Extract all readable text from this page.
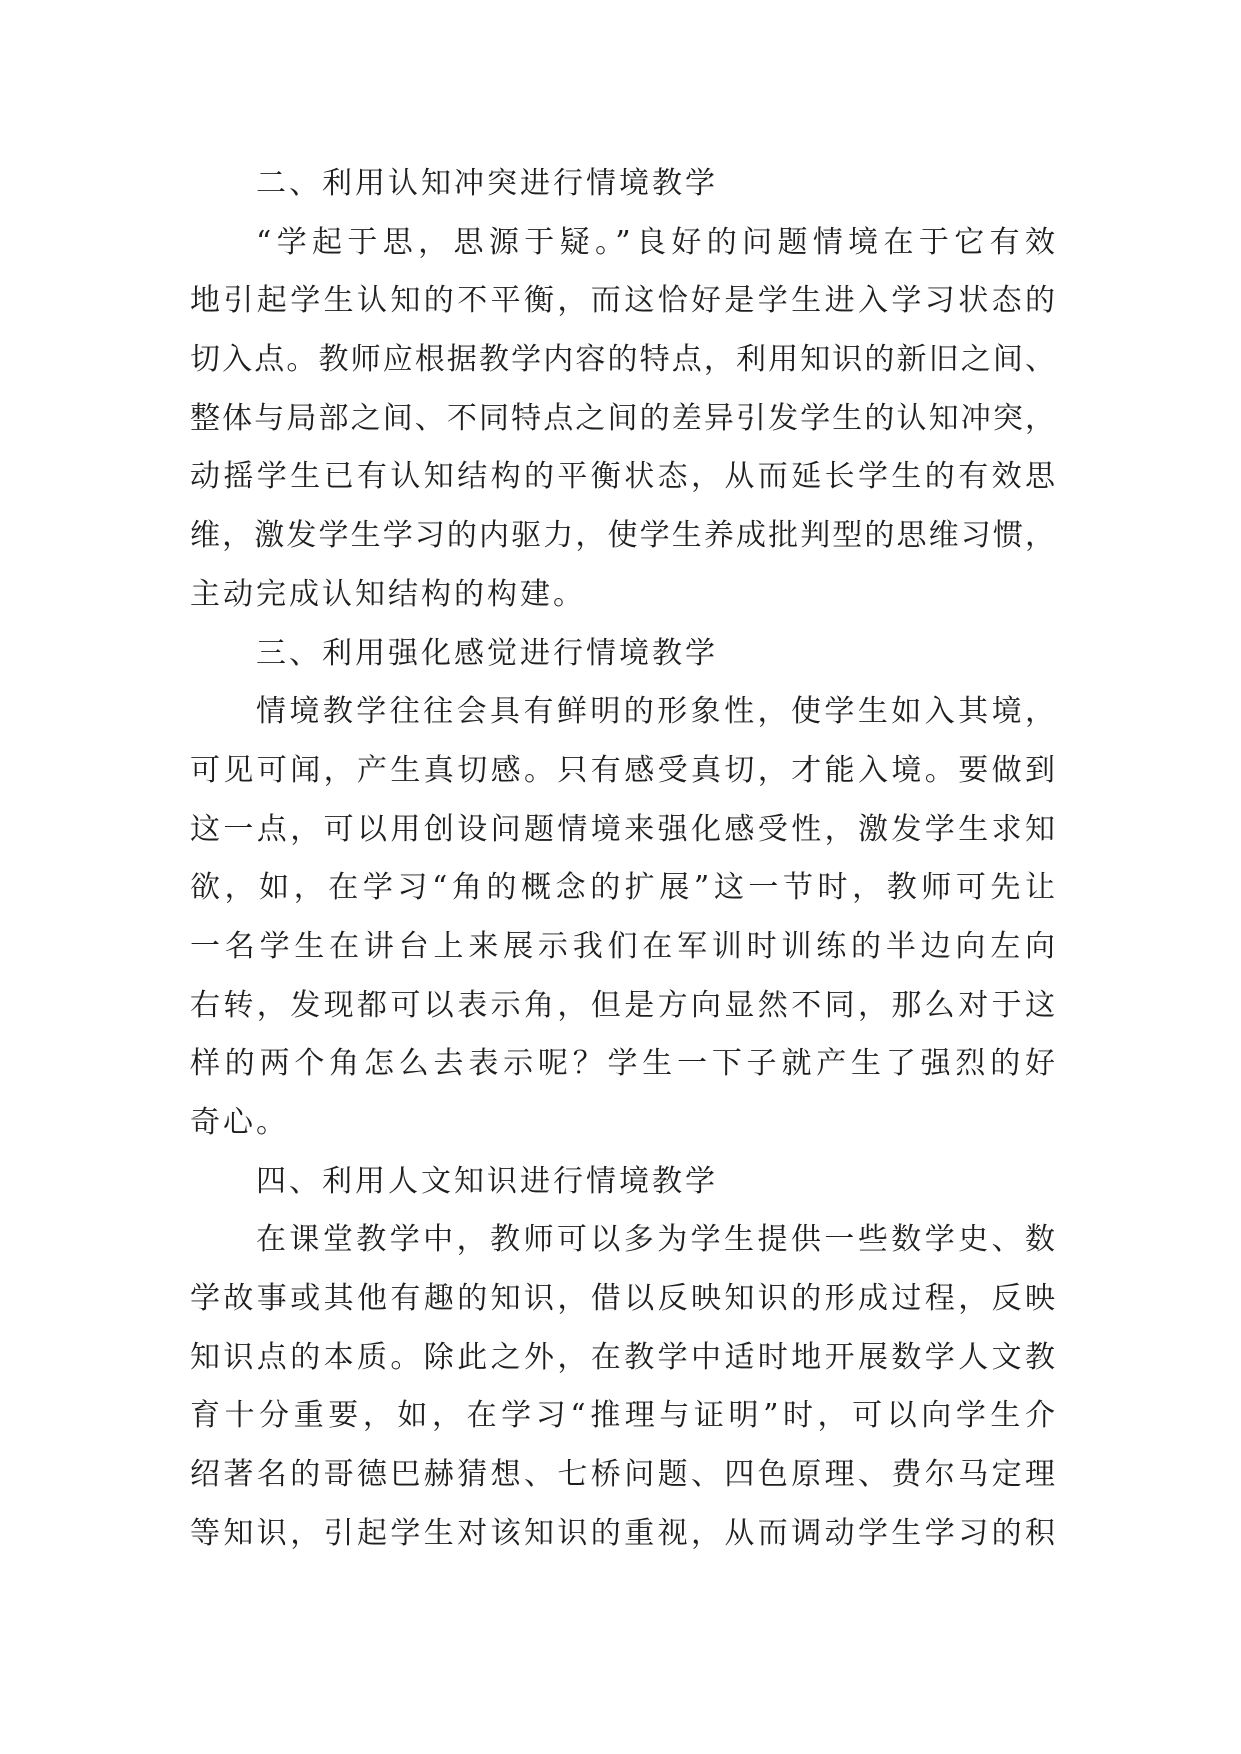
二、利用认知冲突进行情境教学
“学起于思，思源于疑。”良好的问题情境在于它有效
地引起学生认知的不平衡，而这恰好是学生进入学习状态的
切入点。教师应根据教学内容的特点，利用知识的新旧之间、
整体与局部之间、不同特点之间的差异引发学生的认知冲突，
动摇学生已有认知结构的平衡状态，从而延长学生的有效思
维，激发学生学习的内驱力，使学生养成批判型的思维习惯，
主动完成认知结构的构建。
三、利用强化感觉进行情境教学
情境教学往往会具有鲜明的形象性，使学生如入其境，
可见可闻，产生真切感。只有感受真切，才能入境。要做到
这一点，可以用创设问题情境来强化感受性，激发学生求知
欲，如，在学习“角的概念的扩展”这一节时，教师可先让
一名学生在讲台上来展示我们在军训时训练的半边向左向
右转，发现都可以表示角，但是方向显然不同，那么对于这
样的两个角怎么去表示呢？学生一下子就产生了强烈的好
奇心。
四、利用人文知识进行情境教学
在课堂教学中，教师可以多为学生提供一些数学史、数
学故事或其他有趣的知识，借以反映知识的形成过程，反映
知识点的本质。除此之外，在教学中适时地开展数学人文教
育十分重要，如，在学习“推理与证明”时，可以向学生介
绍著名的哥德巴赫猜想、七桥问题、四色原理、费尔马定理
等知识，引起学生对该知识的重视，从而调动学生学习的积
